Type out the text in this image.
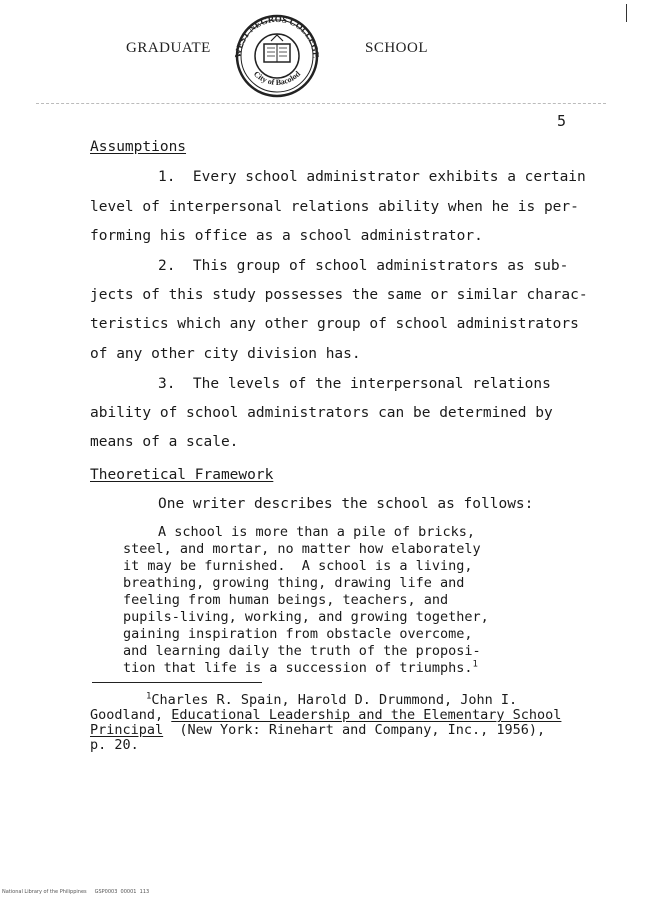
GRADUATE WEST NEGROS COLLEGE
City of Bacolod
SCHOOL
5
Assumptions
1.  Every school administrator exhibits a certain
level of interpersonal relations ability when he is per-
forming his office as a school administrator.
2.  This group of school administrators as sub-
jects of this study possesses the same or similar charac-
teristics which any other group of school administrators
of any other city division has.
3.  The levels of the interpersonal relations
ability of school administrators can be determined by
means of a scale.
Theoretical Framework
One writer describes the school as follows:
A school is more than a pile of bricks,
steel, and mortar, no matter how elaborately
it may be furnished.  A school is a living,
breathing, growing thing, drawing life and
feeling from human beings, teachers, and
pupils-living, working, and growing together,
gaining inspiration from obstacle overcome,
and learning daily the truth of the proposi-
tion that life is a succession of triumphs.$^1$
$^1$Charles R. Spain, Harold D. Drummond, John I.
Goodland, Educational Leadership and the Elementary School
Principal  (New York: Rinehart and Company, Inc., 1956),
p. 20.
National Library of the Philippines     GSP0003  00001  113
